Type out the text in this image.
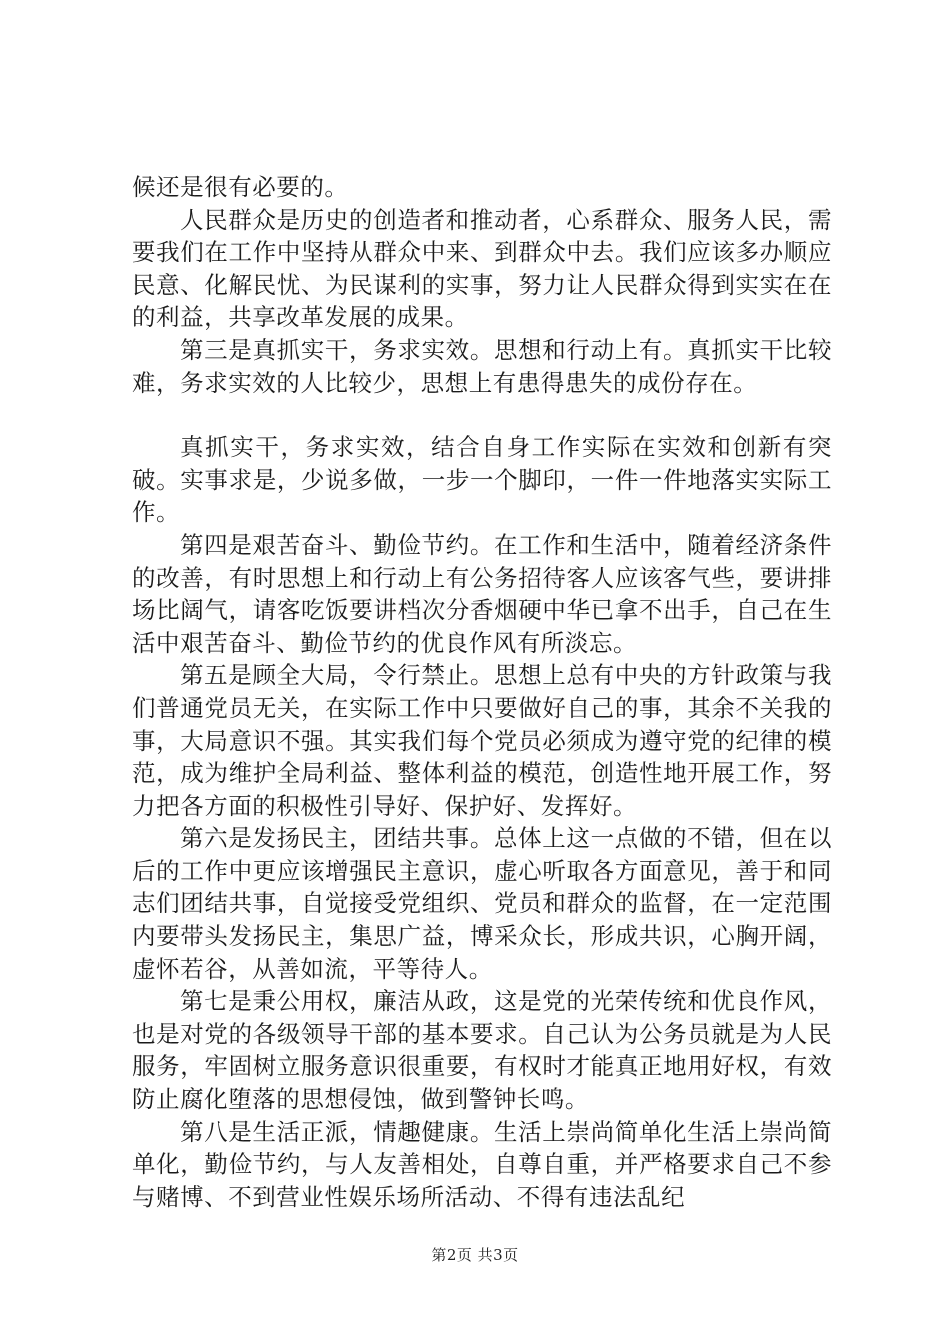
候还是很有必要的。

人民群众是历史的创造者和推动者，心系群众、服务人民，需要我们在工作中坚持从群众中来、到群众中去。我们应该多办顺应民意、化解民忧、为民谋利的实事，努力让人民群众得到实实在在的利益，共享改革发展的成果。

第三是真抓实干，务求实效。思想和行动上有。真抓实干比较难，务求实效的人比较少，思想上有患得患失的成份存在。

真抓实干，务求实效，结合自身工作实际在实效和创新有突破。实事求是，少说多做，一步一个脚印，一件一件地落实实际工作。

第四是艰苦奋斗、勤俭节约。在工作和生活中，随着经济条件的改善，有时思想上和行动上有公务招待客人应该客气些，要讲排场比阔气，请客吃饭要讲档次分香烟硬中华已拿不出手，自己在生活中艰苦奋斗、勤俭节约的优良作风有所淡忘。

第五是顾全大局，令行禁止。思想上总有中央的方针政策与我们普通党员无关，在实际工作中只要做好自己的事，其余不关我的事，大局意识不强。其实我们每个党员必须成为遵守党的纪律的模范，成为维护全局利益、整体利益的模范，创造性地开展工作，努力把各方面的积极性引导好、保护好、发挥好。

第六是发扬民主，团结共事。总体上这一点做的不错，但在以后的工作中更应该增强民主意识，虚心听取各方面意见，善于和同志们团结共事，自觉接受党组织、党员和群众的监督，在一定范围内要带头发扬民主，集思广益，博采众长，形成共识，心胸开阔，虚怀若谷，从善如流，平等待人。

第七是秉公用权，廉洁从政，这是党的光荣传统和优良作风，也是对党的各级领导干部的基本要求。自己认为公务员就是为人民服务，牢固树立服务意识很重要，有权时才能真正地用好权，有效防止腐化堕落的思想侵蚀，做到警钟长鸣。

第八是生活正派，情趣健康。生活上崇尚简单化生活上崇尚简单化，勤俭节约，与人友善相处，自尊自重，并严格要求自己不参与赌博、不到营业性娱乐场所活动、不得有违法乱纪

第2页 共3页
